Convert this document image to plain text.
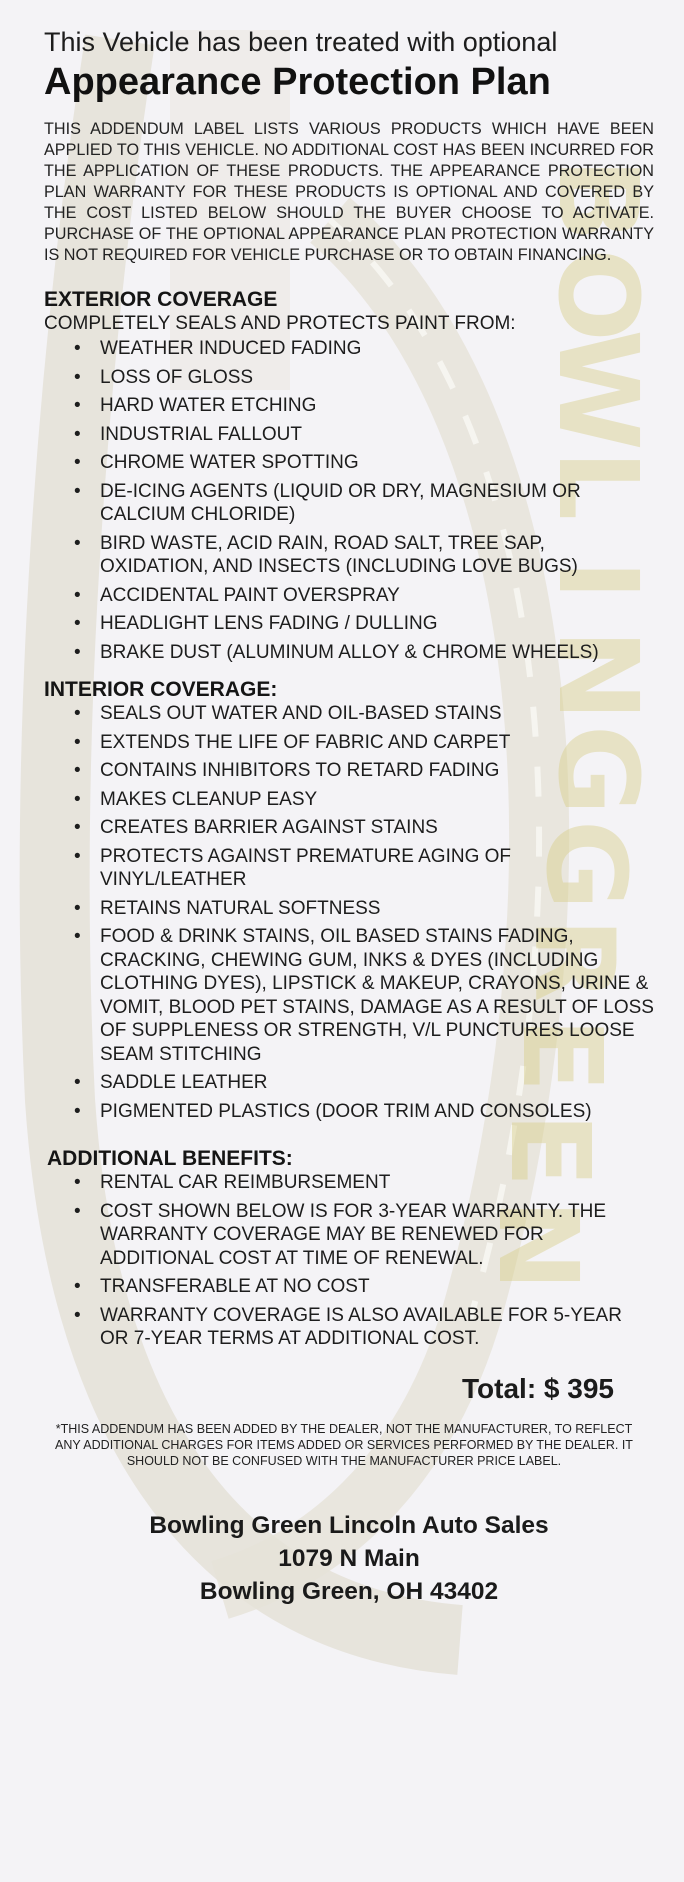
B
O
W
L
I
N
G
G
R
E
E
N

This Vehicle has been treated with optional

Appearance Protection Plan

THIS ADDENDUM LABEL LISTS VARIOUS PRODUCTS WHICH HAVE BEEN APPLIED TO THIS VEHICLE. NO ADDITIONAL COST HAS BEEN INCURRED FOR THE APPLICATION OF THESE PRODUCTS. THE APPEARANCE PROTECTION PLAN WARRANTY FOR THESE PRODUCTS IS OPTIONAL AND COVERED BY THE COST LISTED BELOW SHOULD THE BUYER CHOOSE TO ACTIVATE. PURCHASE OF THE OPTIONAL APPEARANCE PLAN PROTECTION WARRANTY IS NOT REQUIRED FOR VEHICLE PURCHASE OR TO OBTAIN FINANCING.

EXTERIOR COVERAGE

COMPLETELY SEALS AND PROTECTS PAINT FROM:

• WEATHER INDUCED FADING
• LOSS OF GLOSS
• HARD WATER ETCHING
• INDUSTRIAL FALLOUT
• CHROME WATER SPOTTING
• DE-ICING AGENTS (LIQUID OR DRY, MAGNESIUM OR CALCIUM CHLORIDE)
• BIRD WASTE, ACID RAIN, ROAD SALT, TREE SAP, OXIDATION, AND INSECTS (INCLUDING LOVE BUGS)
• ACCIDENTAL PAINT OVERSPRAY
• HEADLIGHT LENS FADING / DULLING
• BRAKE DUST (ALUMINUM ALLOY & CHROME WHEELS)
INTERIOR COVERAGE:
• SEALS OUT WATER AND OIL-BASED STAINS
• EXTENDS THE LIFE OF FABRIC AND CARPET
• CONTAINS INHIBITORS TO RETARD FADING
• MAKES CLEANUP EASY
• CREATES BARRIER AGAINST STAINS
• PROTECTS AGAINST PREMATURE AGING OF VINYL/LEATHER
• RETAINS NATURAL SOFTNESS
• FOOD & DRINK STAINS, OIL BASED STAINS FADING, CRACKING, CHEWING GUM, INKS & DYES (INCLUDING CLOTHING DYES), LIPSTICK & MAKEUP, CRAYONS, URINE & VOMIT, BLOOD PET STAINS, DAMAGE AS A RESULT OF LOSS OF SUPPLENESS OR STRENGTH, V/L PUNCTURES LOOSE SEAM STITCHING
• SADDLE LEATHER
• PIGMENTED PLASTICS (DOOR TRIM AND CONSOLES)
ADDITIONAL BENEFITS:
• RENTAL CAR REIMBURSEMENT
• COST SHOWN BELOW IS FOR 3-YEAR WARRANTY. THE WARRANTY COVERAGE MAY BE RENEWED FOR ADDITIONAL COST AT TIME OF RENEWAL.
• TRANSFERABLE AT NO COST
• WARRANTY COVERAGE IS ALSO AVAILABLE FOR 5-YEAR OR 7-YEAR TERMS AT ADDITIONAL COST.
Total: $ 395

*THIS ADDENDUM HAS BEEN ADDED BY THE DEALER, NOT THE MANUFACTURER, TO REFLECT ANY ADDITIONAL CHARGES FOR ITEMS ADDED OR SERVICES PERFORMED BY THE DEALER. IT SHOULD NOT BE CONFUSED WITH THE MANUFACTURER PRICE LABEL.

Bowling Green Lincoln Auto Sales
1079 N Main
Bowling Green, OH 43402
